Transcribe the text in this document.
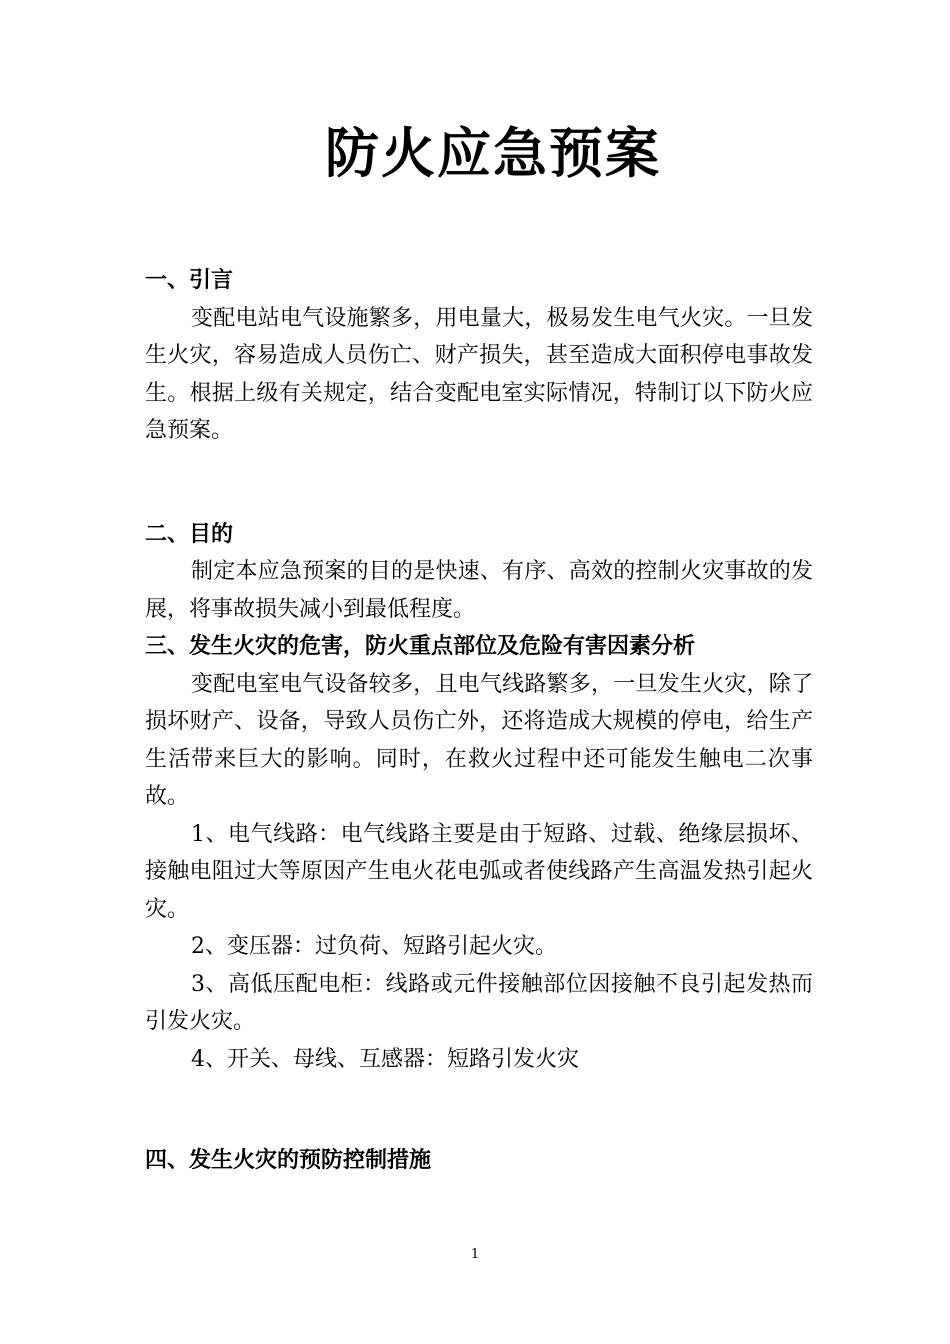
防火应急预案
一、引言

变配电站电气设施繁多，用电量大，极易发生电气火灾。一旦发生火灾，容易造成人员伤亡、财产损失，甚至造成大面积停电事故发生。根据上级有关规定，结合变配电室实际情况，特制订以下防火应急预案。

二、目的

制定本应急预案的目的是快速、有序、高效的控制火灾事故的发展，将事故损失减小到最低程度。

三、发生火灾的危害，防火重点部位及危险有害因素分析

变配电室电气设备较多，且电气线路繁多，一旦发生火灾，除了损坏财产、设备，导致人员伤亡外，还将造成大规模的停电，给生产生活带来巨大的影响。同时，在救火过程中还可能发生触电二次事故。

1、电气线路：电气线路主要是由于短路、过载、绝缘层损坏、接触电阻过大等原因产生电火花电弧或者使线路产生高温发热引起火灾。

2、变压器：过负荷、短路引起火灾。

3、高低压配电柜：线路或元件接触部位因接触不良引起发热而引发火灾。

4、开关、母线、互感器：短路引发火灾

四、发生火灾的预防控制措施
1
